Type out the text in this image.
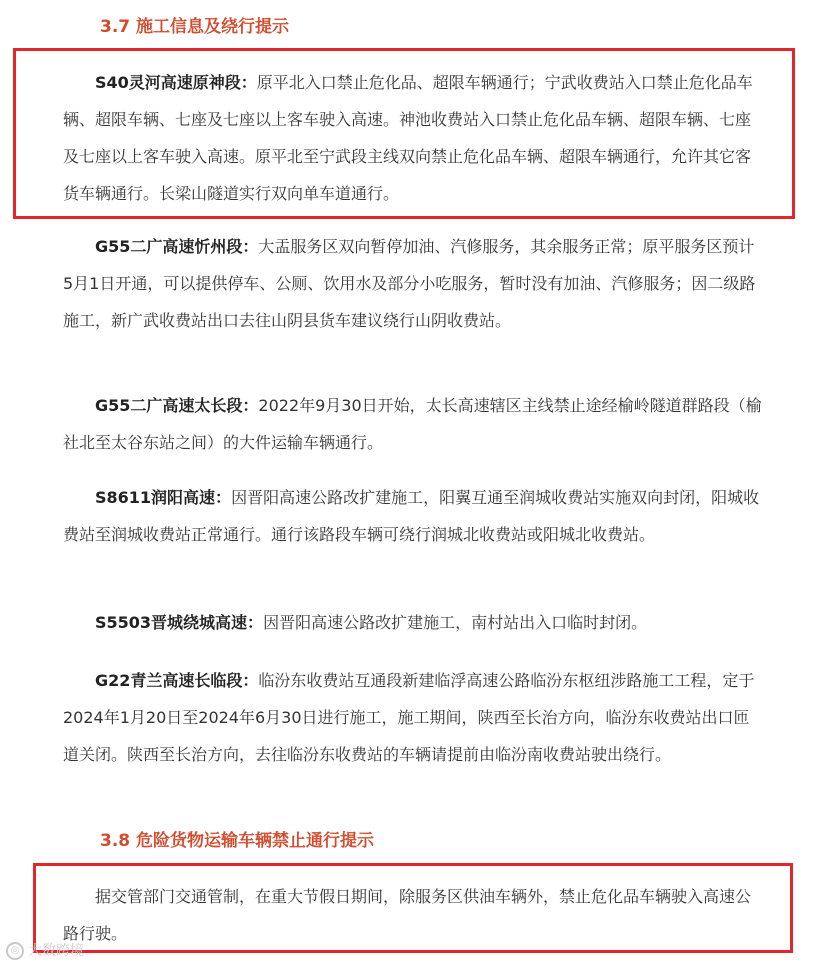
3.7 施工信息及绕行提示

S40灵河高速原神段：原平北入口禁止危化品、超限车辆通行；宁武收费站入口禁止危化品车辆、超限车辆、七座及七座以上客车驶入高速。神池收费站入口禁止危化品车辆、超限车辆、七座及七座以上客车驶入高速。原平北至宁武段主线双向禁止危化品车辆、超限车辆通行，允许其它客货车辆通行。长梁山隧道实行双向单车道通行。

G55二广高速忻州段：大盂服务区双向暂停加油、汽修服务，其余服务正常；原平服务区预计5月1日开通，可以提供停车、公厕、饮用水及部分小吃服务，暂时没有加油、汽修服务；因二级路施工，新广武收费站出口去往山阴县货车建议绕行山阴收费站。

G55二广高速太长段：2022年9月30日开始，太长高速辖区主线禁止途经榆岭隧道群路段（榆社北至太谷东站之间）的大件运输车辆通行。

S8611润阳高速：因晋阳高速公路改扩建施工，阳翼互通至润城收费站实施双向封闭，阳城收费站至润城收费站正常通行。通行该路段车辆可绕行润城北收费站或阳城北收费站。

S5503晋城绕城高速：因晋阳高速公路改扩建施工，南村站出入口临时封闭。

G22青兰高速长临段：临汾东收费站互通段新建临浮高速公路临汾东枢纽涉路施工工程，定于2024年1月20日至2024年6月30日进行施工，施工期间，陕西至长治方向，临汾东收费站出口匝道关闭。陕西至长治方向，去往临汾东收费站的车辆请提前由临汾南收费站驶出绕行。

3.8 危险货物运输车辆禁止通行提示

据交管部门交通管制，在重大节假日期间，除服务区供油车辆外，禁止危化品车辆驶入高速公路行驶。

◎ 大数跨境
